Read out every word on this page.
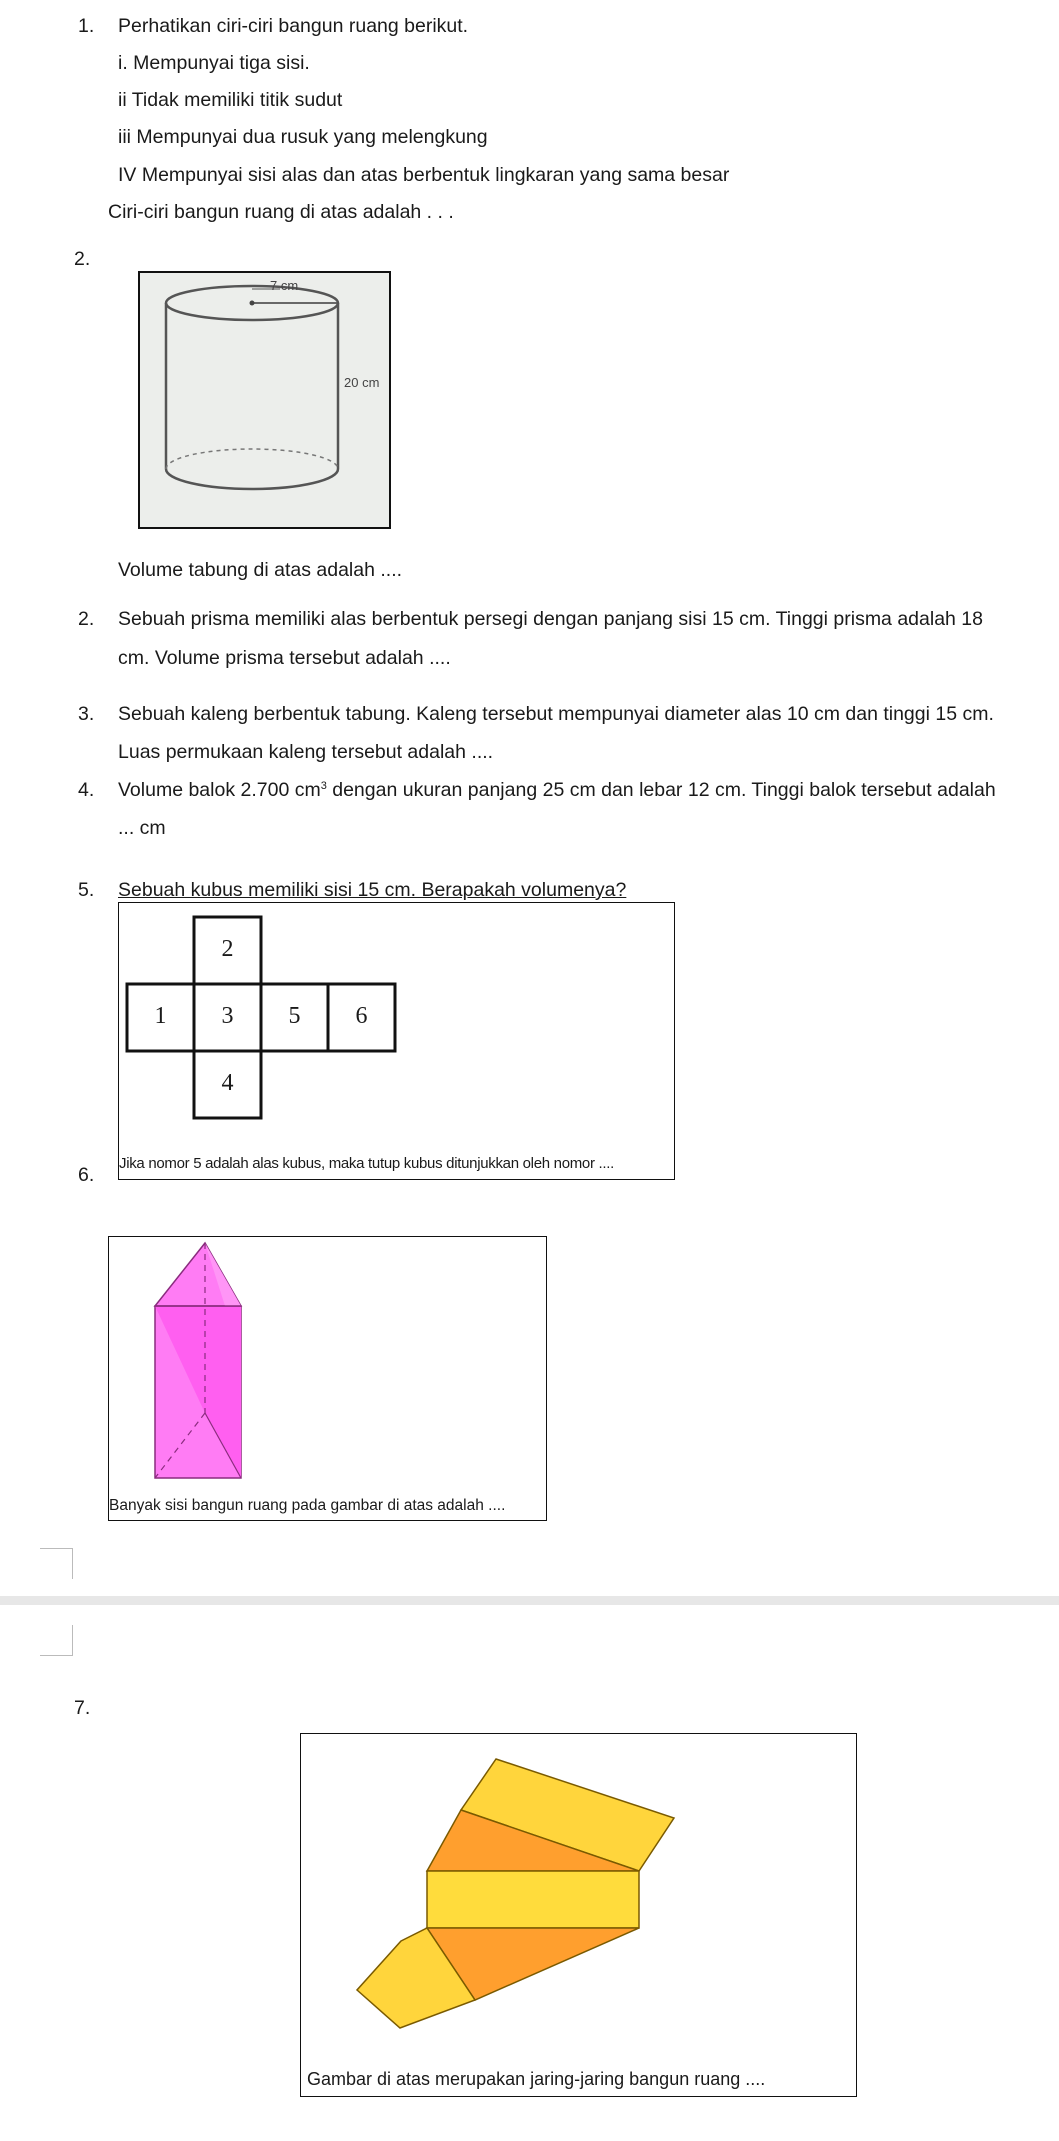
1. Perhatikan ciri-ciri bangun ruang berikut.
i. Mempunyai tiga sisi.
ii Tidak memiliki titik sudut
iii Mempunyai dua rusuk yang melengkung
IV Mempunyai sisi alas dan atas berbentuk lingkaran yang sama besar
Ciri-ciri bangun ruang di atas adalah . . .
2.
7 cm
20 cm
Volume tabung di atas adalah ....
2. Sebuah prisma memiliki alas berbentuk persegi dengan panjang sisi 15 cm. Tinggi prisma adalah 18
cm. Volume prisma tersebut adalah ....
3. Sebuah kaleng berbentuk tabung. Kaleng tersebut mempunyai diameter alas 10 cm dan tinggi 15 cm.
Luas permukaan kaleng tersebut adalah ....
4. Volume balok 2.700 $cm^3$ dengan ukuran panjang 25 cm dan lebar 12 cm. Tinggi balok tersebut adalah
... cm
5. Sebuah kubus memiliki sisi 15 cm. Berapakah volumenya?
2
1	3	5	6
4
Jika nomor 5 adalah alas kubus, maka tutup kubus ditunjukkan oleh nomor ....
6.
Banyak sisi bangun ruang pada gambar di atas adalah ....
7.
Gambar di atas merupakan jaring-jaring bangun ruang ....
